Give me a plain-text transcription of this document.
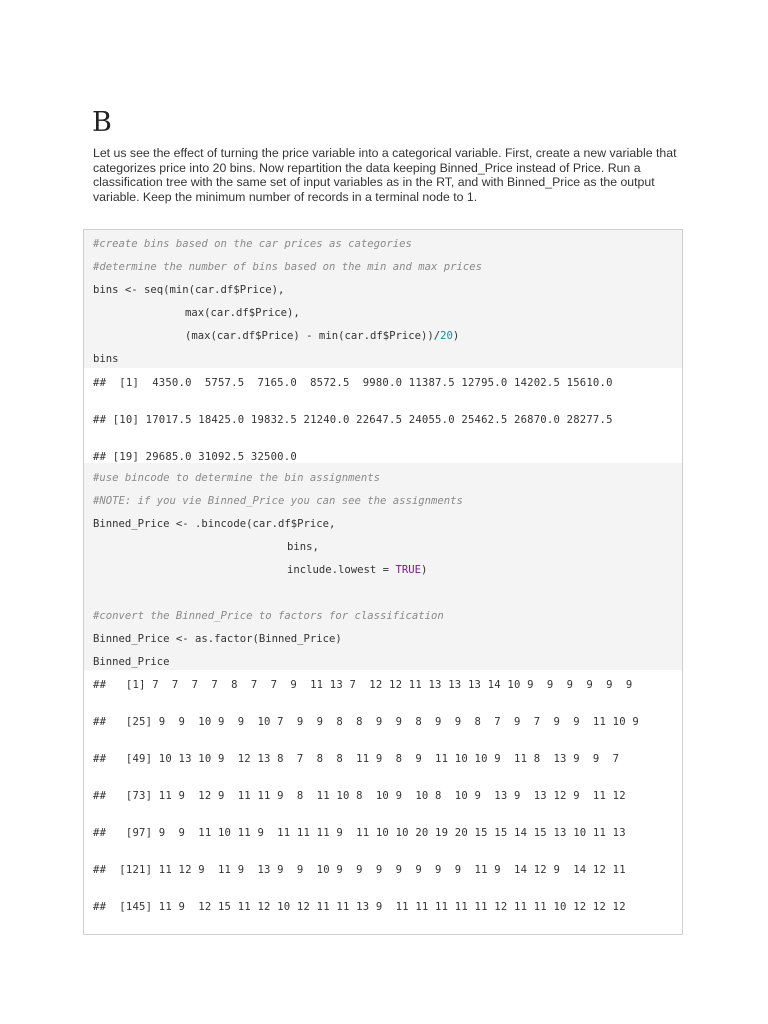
B

Let us see the effect of turning the price variable into a categorical variable. First, create a new variable that categorizes price into 20 bins. Now repartition the data keeping Binned_Price instead of Price. Run a classification tree with the same set of input variables as in the RT, and with Binned_Price as the output variable. Keep the minimum number of records in a terminal node to 1.

#create bins based on the car prices as categories
#determine the number of bins based on the min and max prices
bins <- seq(min(car.df$Price),
max(car.df$Price),
(max(car.df$Price) - min(car.df$Price))/20)
bins
##  [1]  4350.0  5757.5  7165.0  8572.5  9980.0 11387.5 12795.0 14202.5 15610.0
## [10] 17017.5 18425.0 19832.5 21240.0 22647.5 24055.0 25462.5 26870.0 28277.5
## [19] 29685.0 31092.5 32500.0
#use bincode to determine the bin assignments
#NOTE: if you vie Binned_Price you can see the assignments
Binned_Price <- .bincode(car.df$Price,
bins,
include.lowest = TRUE)
#convert the Binned_Price to factors for classification
Binned_Price <- as.factor(Binned_Price)
Binned_Price
##   [1] 7  7  7  7  8  7  7  9  11 13 7  12 12 11 13 13 13 14 10 9  9  9  9  9  9
##   [25] 9  9  10 9  9  10 7  9  9  8  8  9  9  8  9  9  8  7  9  7  9  9  11 10 9
##   [49] 10 13 10 9  12 13 8  7  8  8  11 9  8  9  11 10 10 9  11 8  13 9  9  7
##   [73] 11 9  12 9  11 11 9  8  11 10 8  10 9  10 8  10 9  13 9  13 12 9  11 12
##   [97] 9  9  11 10 11 9  11 11 11 9  11 10 10 20 19 20 15 15 14 15 13 10 11 13
##  [121] 11 12 9  11 9  13 9  9  10 9  9  9  9  9  9  9  11 9  14 12 9  14 12 11
##  [145] 11 9  12 15 11 12 10 12 11 11 13 9  11 11 11 11 11 12 11 11 10 12 12 12
